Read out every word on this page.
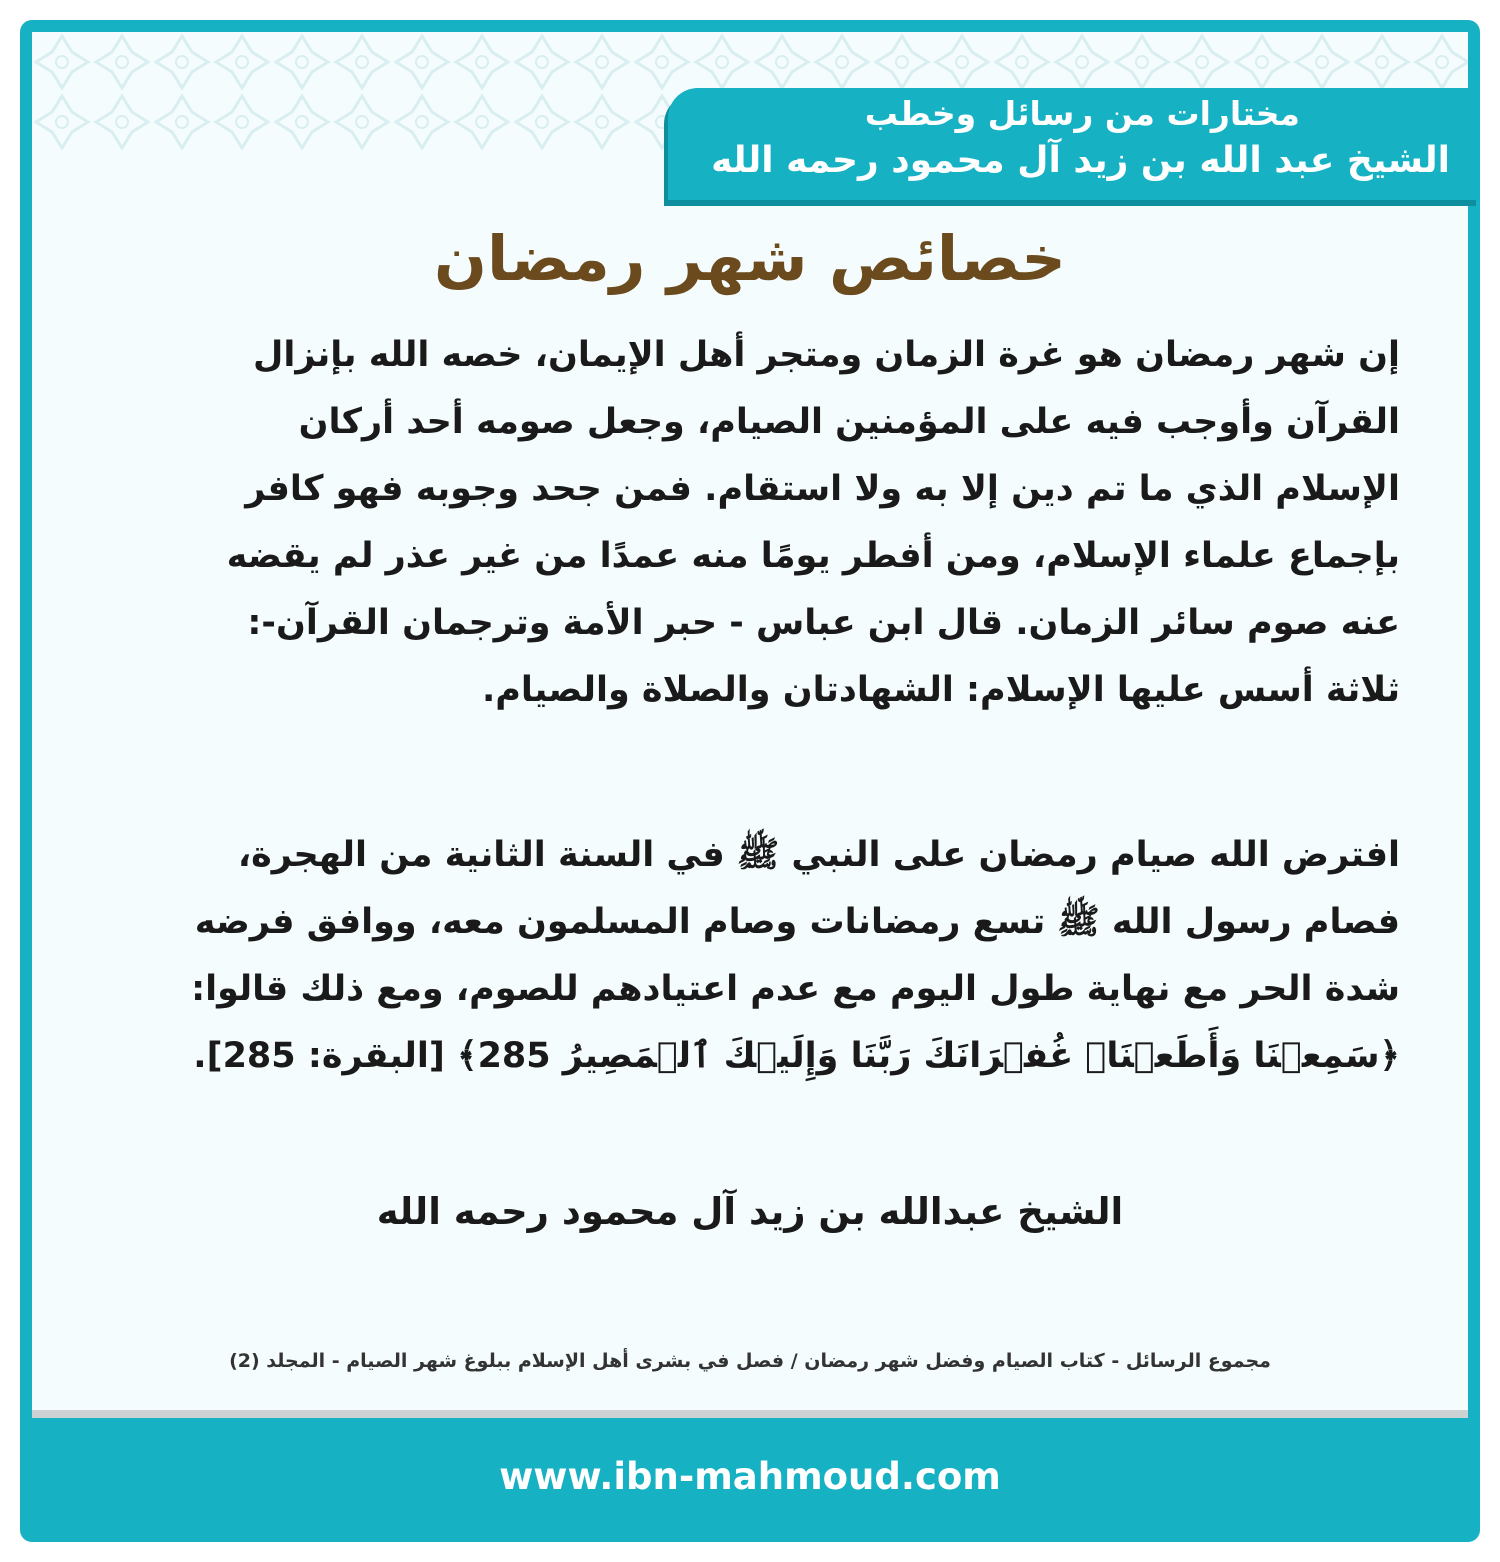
مختارات من رسائل وخطب
الشيخ عبد الله بن زيد آل محمود رحمه الله
خصائص شهر رمضان
إن شهر رمضان هو غرة الزمان ومتجر أهل الإيمان، خصه الله بإنزال
القرآن وأوجب فيه على المؤمنين الصيام، وجعل صومه أحد أركان
الإسلام الذي ما تم دين إلا به ولا استقام. فمن جحد وجوبه فهو كافر
بإجماع علماء الإسلام، ومن أفطر يومًا منه عمدًا من غير عذر لم يقضه
عنه صوم سائر الزمان. قال ابن عباس - حبر الأمة وترجمان القرآن-:
ثلاثة أسس عليها الإسلام: الشهادتان والصلاة والصيام.
افترض الله صيام رمضان على النبي ﷺ في السنة الثانية من الهجرة،
فصام رسول الله ﷺ تسع رمضانات وصام المسلمون معه، ووافق فرضه
شدة الحر مع نهاية طول اليوم مع عدم اعتيادهم للصوم، ومع ذلك قالوا:
﴿سَمِعۡنَا وَأَطَعۡنَاۖ غُفۡرَانَكَ رَبَّنَا وَإِلَيۡكَ ٱلۡمَصِيرُ 285﴾ [البقرة: 285].
الشيخ عبدالله بن زيد آل محمود رحمه الله
مجموع الرسائل - كتاب الصيام وفضل شهر رمضان / فصل في بشرى أهل الإسلام ببلوغ شهر الصيام - المجلد (2)
www.ibn-mahmoud.com
